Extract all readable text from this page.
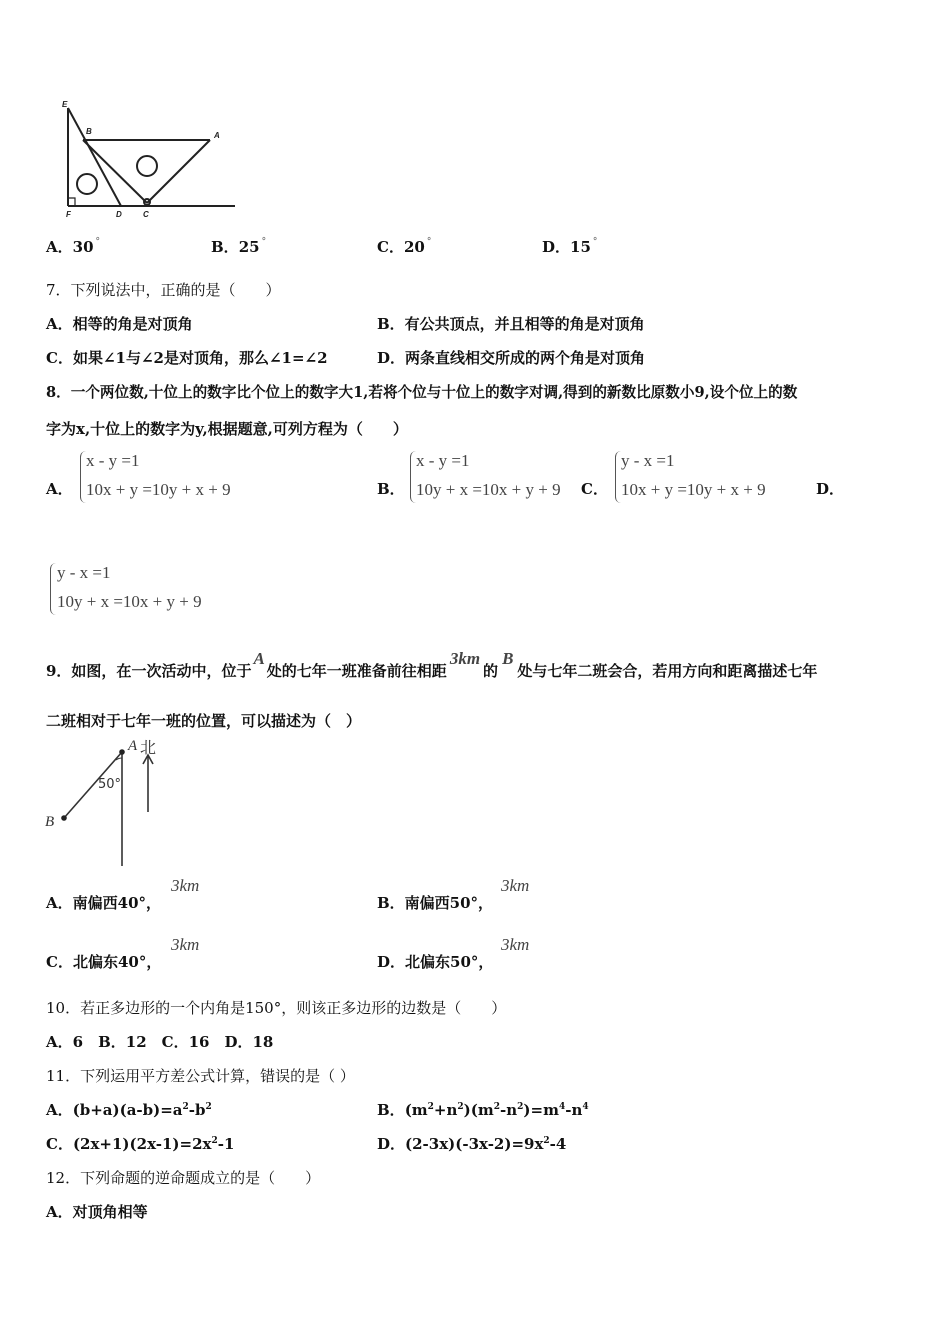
E
B	A
F	D	C
A．30 °	B．25 °	C．20 °	D．15 °
7．下列说法中，正确的是（　　）
A．相等的角是对顶角	B．有公共顶点，并且相等的角是对顶角
C．如果∠1与∠2是对顶角，那么∠1=∠2	D．两条直线相交所成的两个角是对顶角
8．一个两位数,十位上的数字比个位上的数字大1,若将个位与十位上的数字对调,得到的新数比原数小9,设个位上的数
字为x,十位上的数字为y,根据题意,可列方程为（　　）
A．
x - y =1
10x + y =10y + x + 9	B．
x - y =1
10y + x =10x + y + 9 C．
y - x =1
10x + y =10y + x + 9	D．
y - x =1
10y + x =10x + y + 9
9．如图，在一次活动中，位于A处的七年一班准备前往相距3km的B处与七年二班会合，若用方向和距离描述七年
二班相对于七年一班的位置，可以描述为（　）
A
B
50°
北
A．南偏西40°，
3km
B．南偏西50°，
3km
C．北偏东40°，
3km
D．北偏东50°，
3km
10．若正多边形的一个内角是150°，则该正多边形的边数是（　　）
A．6　B．12　C．16　D．18
11．下列运用平方差公式计算，错误的是（ ）
A．$(b+a)(a-b)=a^2-b^2$	B．$(m^2+n^2)(m^2-n^2)=m^4-n^4$
C．$(2x+1)(2x-1)=2x^2-1$	D．$(2-3x)(-3x-2)=9x^2-4$
12．下列命题的逆命题成立的是（　　）
A．对顶角相等
